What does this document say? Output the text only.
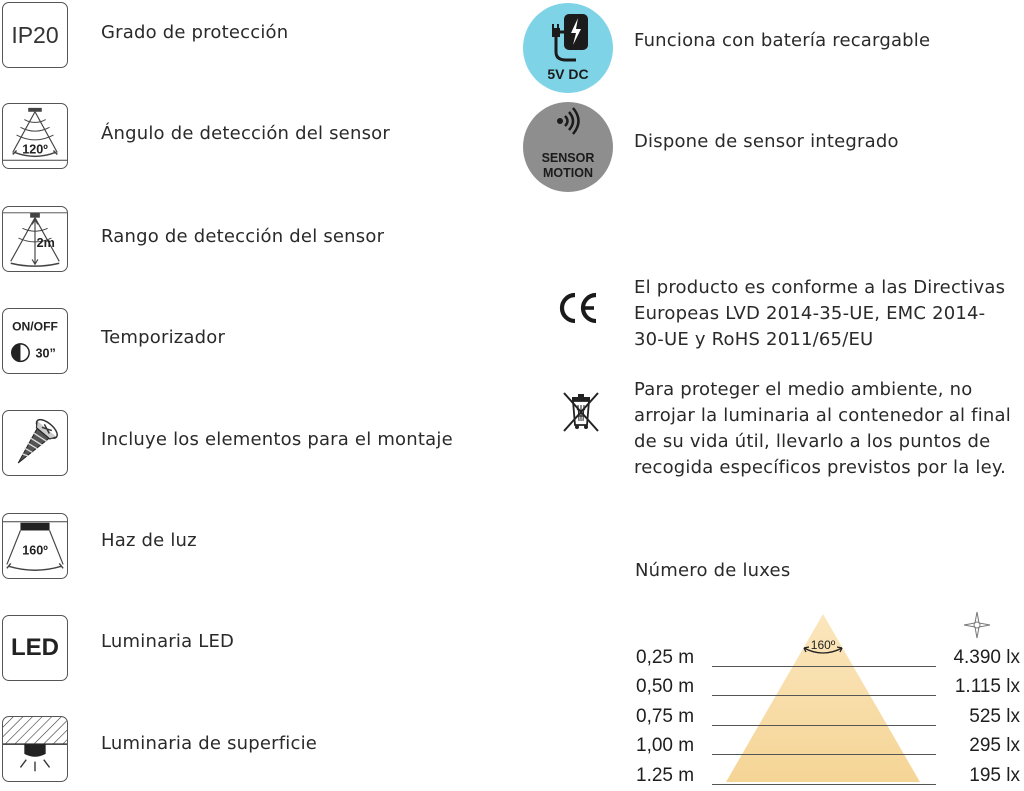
IP20	Grado de protección
120º
Ángulo de detección del sensor
2m	Rango de detección del sensor
ON/OFF
30”
Temporizador
Incluye los elementos para el montaje
160º	Haz de luz
LED	Luminaria LED
Luminaria de superficie
5V DC
Funciona con batería recargable
SENSOR
MOTION
Dispone de sensor integrado
El producto es conforme a las Directivas
Europeas LVD 2014-35-UE, EMC 2014-
30-UE y RoHS 2011/65/EU
Para proteger el medio ambiente, no
arrojar la luminaria al contenedor al final
de su vida útil, llevarlo a los puntos de
recogida específicos previstos por la ley.
Número de luxes
160º
0,25 m	4.390 lx
0,50 m	1.115 lx
0,75 m	525 lx
1,00 m	295 lx
1.25 m	195 lx
